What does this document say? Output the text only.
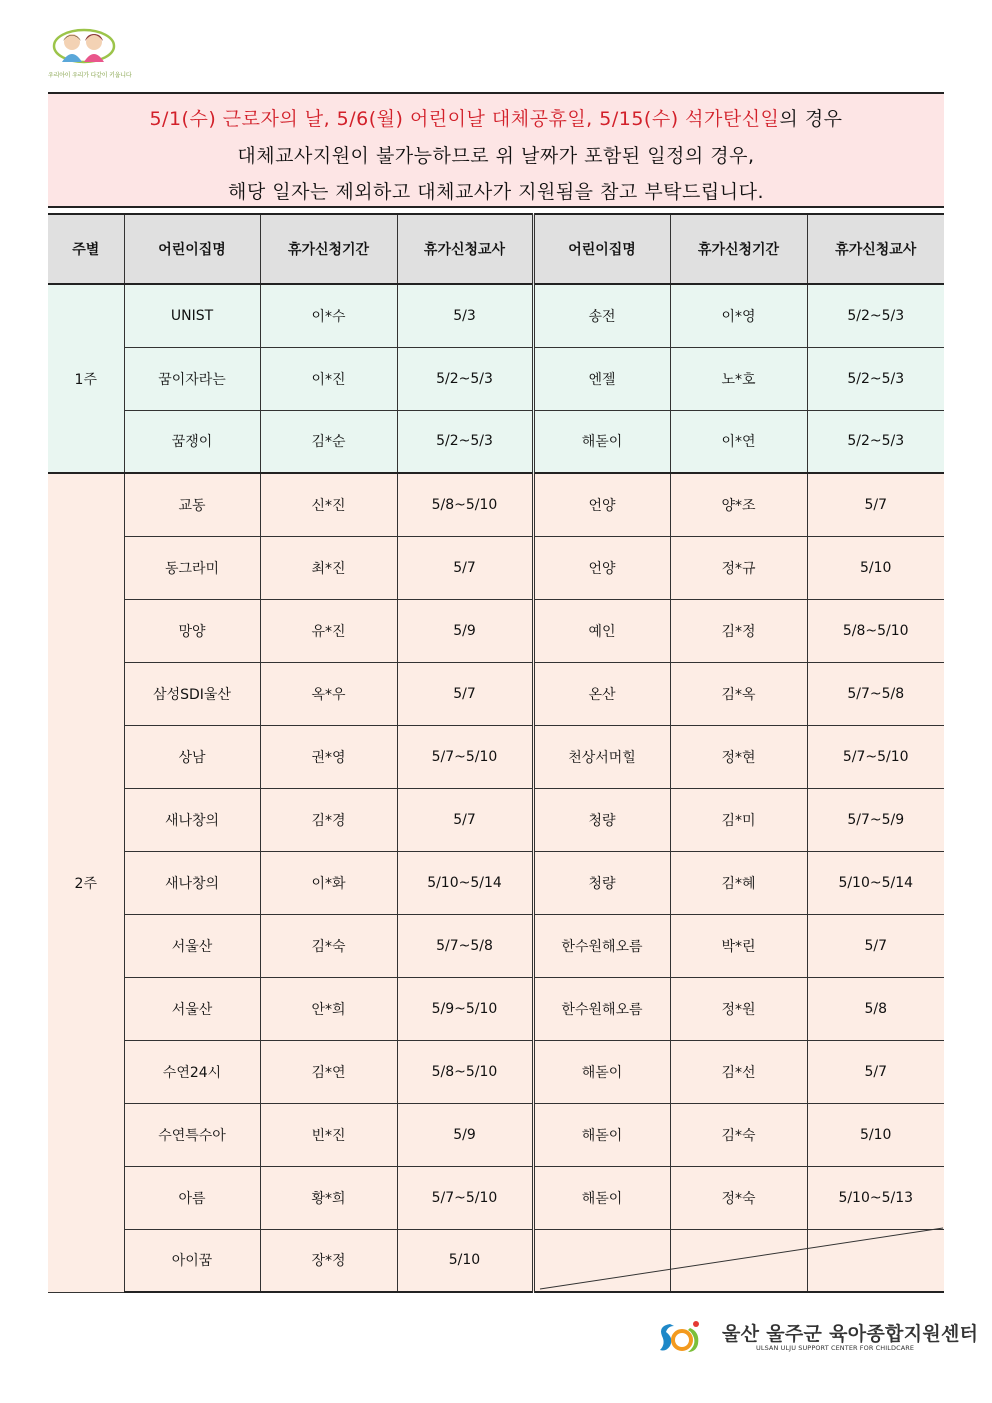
우리아이 우리가 다같이 키웁니다
5/1(수) 근로자의 날, 5/6(월) 어린이날 대체공휴일, 5/15(수) 석가탄신일의 경우
대체교사지원이 불가능하므로 위 날짜가 포함된 일정의 경우,
해당 일자는 제외하고 대체교사가 지원됨을 참고 부탁드립니다.
주별	어린이집명	휴가신청기간	휴가신청교사	어린이집명	휴가신청기간	휴가신청교사
1주	UNIST	이*수	5/3	송전	이*영	5/2~5/3
	꿈이자라는	이*진	5/2~5/3	엔젤	노*호	5/2~5/3
	꿈쟁이	김*순	5/2~5/3	해돋이	이*연	5/2~5/3
2주	교동	신*진	5/8~5/10	언양	양*조	5/7
	동그라미	최*진	5/7	언양	정*규	5/10
	망양	유*진	5/9	예인	김*정	5/8~5/10
	삼성SDI울산	옥*우	5/7	온산	김*옥	5/7~5/8
	상남	권*영	5/7~5/10	천상서머힐	정*현	5/7~5/10
	새나창의	김*경	5/7	청량	김*미	5/7~5/9
	새나창의	이*화	5/10~5/14	청량	김*혜	5/10~5/14
	서울산	김*숙	5/7~5/8	한수원해오름	박*린	5/7
	서울산	안*희	5/9~5/10	한수원해오름	정*원	5/8
	수연24시	김*연	5/8~5/10	해돋이	김*선	5/7
	수연특수아	빈*진	5/9	해돋이	김*숙	5/10
	아름	황*희	5/7~5/10	해돋이	정*숙	5/10~5/13
	아이꿈	장*정	5/10			
울산 울주군 육아종합지원센터
ULSAN ULJU SUPPORT CENTER FOR CHILDCARE
